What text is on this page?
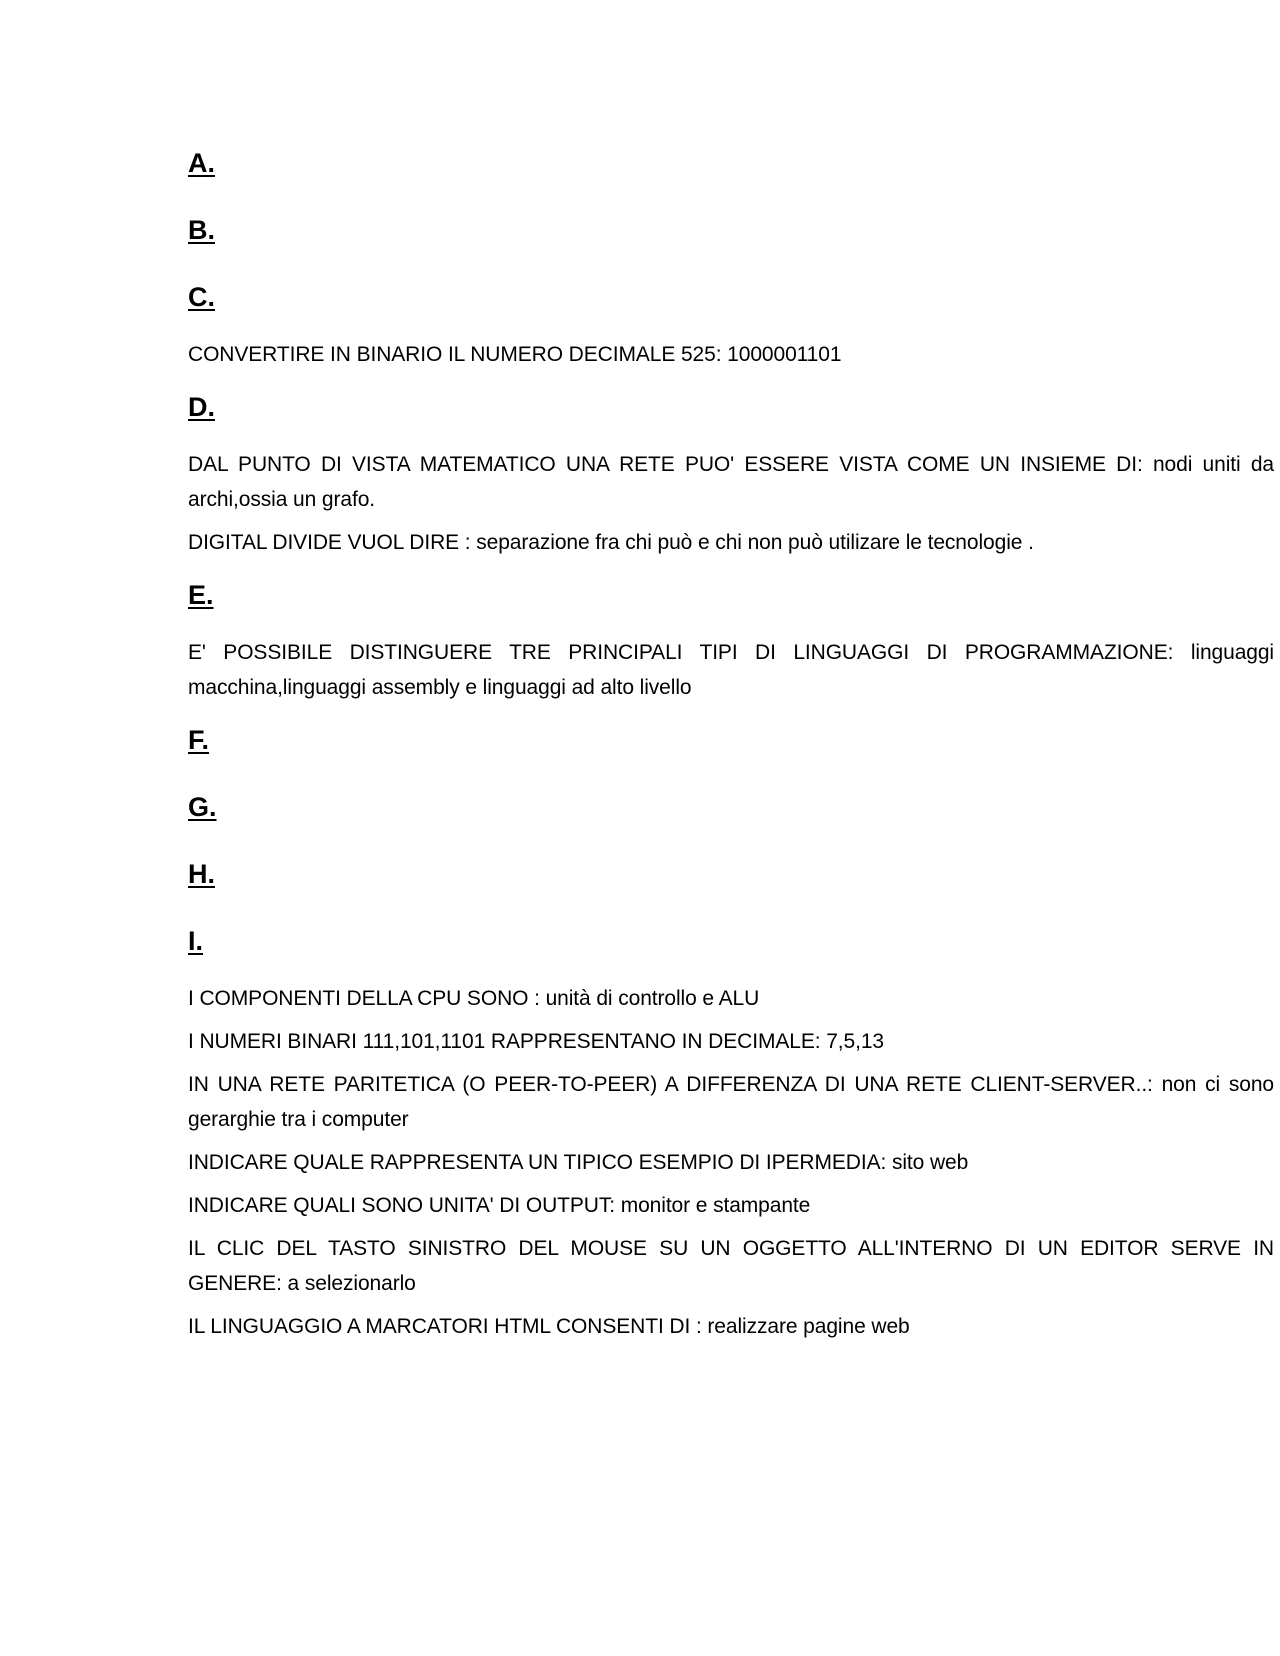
A.
B.
C.

CONVERTIRE IN BINARIO IL NUMERO DECIMALE 525: 1000001101

D.

DAL PUNTO DI VISTA MATEMATICO UNA RETE PUO' ESSERE VISTA COME UN INSIEME DI: nodi uniti da archi,ossia un grafo.

DIGITAL DIVIDE VUOL DIRE : separazione fra chi può e chi non può utilizare le tecnologie .

E.

E' POSSIBILE DISTINGUERE TRE PRINCIPALI TIPI DI LINGUAGGI DI PROGRAMMAZIONE: linguaggi macchina,linguaggi assembly e linguaggi ad alto livello

F.
G.
H.
I.

I COMPONENTI DELLA CPU SONO : unità di controllo e ALU

I NUMERI BINARI 111,101,1101 RAPPRESENTANO IN DECIMALE: 7,5,13

IN UNA RETE PARITETICA (O PEER-TO-PEER) A DIFFERENZA DI UNA RETE CLIENT-SERVER..: non ci sono gerarghie tra i computer

INDICARE QUALE RAPPRESENTA UN TIPICO ESEMPIO DI IPERMEDIA: sito web

INDICARE QUALI SONO UNITA' DI OUTPUT: monitor e stampante

IL CLIC DEL TASTO SINISTRO DEL MOUSE SU UN OGGETTO ALL'INTERNO DI UN EDITOR SERVE IN GENERE: a selezionarlo

IL LINGUAGGIO A MARCATORI HTML CONSENTI DI : realizzare pagine web
